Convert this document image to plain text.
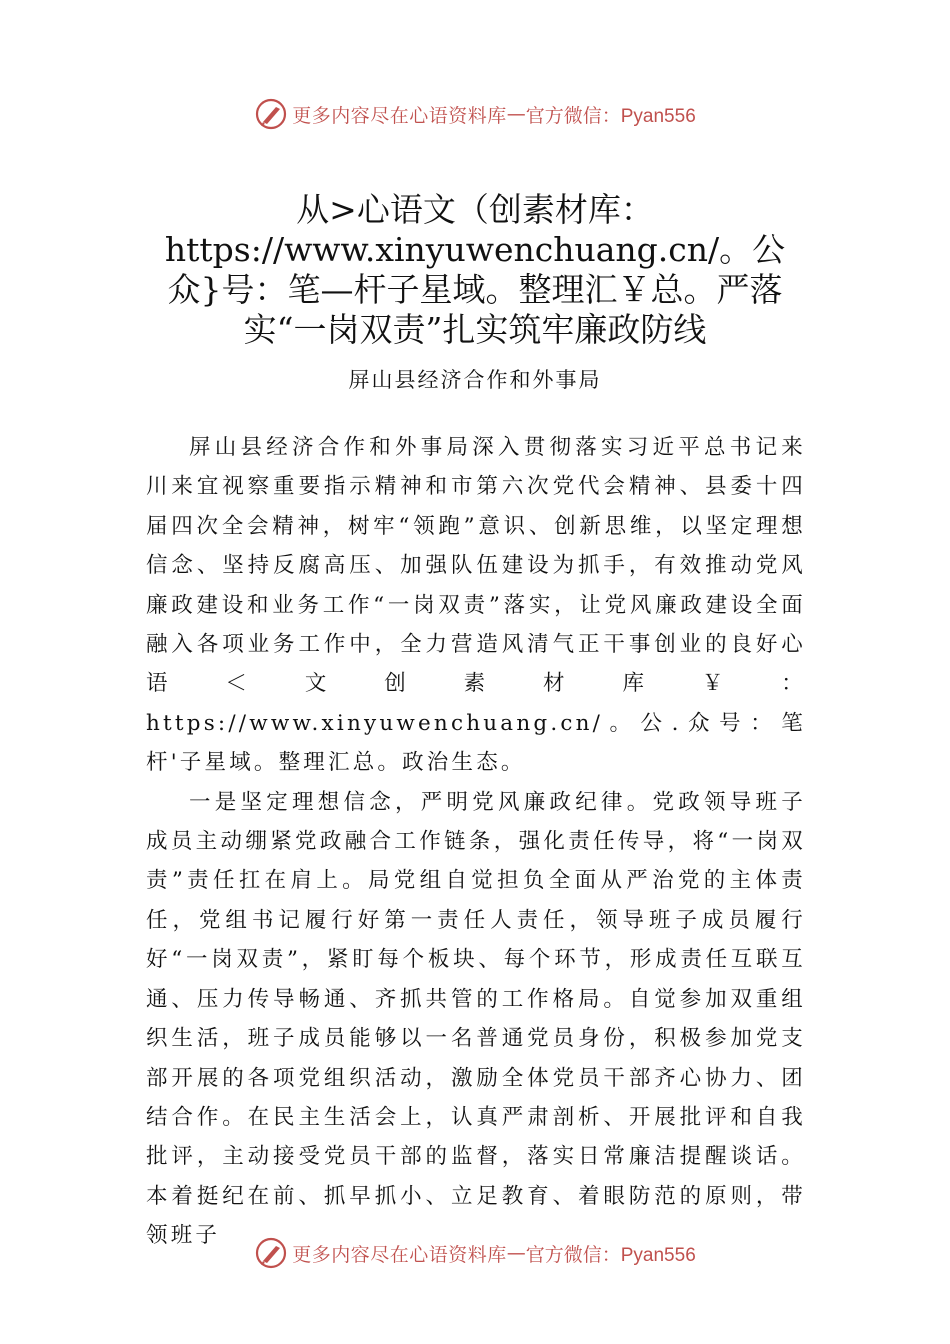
更多内容尽在心语资料库 — 官方微信：Pyan556
从>心语文（创素材库：https://www.xinyuwenchuang.cn/。公众}号：笔—杆子星域。整理汇￥总。严落实“一岗双责”扎实筑牢廉政防线
屏山县经济合作和外事局

屏山县经济合作和外事局深入贯彻落实习近平总书记来川来宜视察重要指示精神和市第六次党代会精神、县委十四届四次全会精神，树牢“领跑”意识、创新思维，以坚定理想信念、坚持反腐高压、加强队伍建设为抓手，有效推动党风廉政建设和业务工作“一岗双责”落实，让党风廉政建设全面融入各项业务工作中，全力营造风清气正干事创业的良好心语＜文创素材库￥：https://www.xinyuwenchuang.cn/。公.众号：笔杆'子星域。整理汇总。政治生态。

一是坚定理想信念，严明党风廉政纪律。党政领导班子成员主动绷紧党政融合工作链条，强化责任传导，将“一岗双责”责任扛在肩上。局党组自觉担负全面从严治党的主体责任，党组书记履行好第一责任人责任，领导班子成员履行好“一岗双责”，紧盯每个板块、每个环节，形成责任互联互通、压力传导畅通、齐抓共管的工作格局。自觉参加双重组织生活，班子成员能够以一名普通党员身份，积极参加党支部开展的各项党组织活动，激励全体党员干部齐心协力、团结合作。在民主生活会上，认真严肃剖析、开展批评和自我批评，主动接受党员干部的监督，落实日常廉洁提醒谈话。 本着挺纪在前、抓早抓小、立足教育、着眼防范的原则，带领班子

更多内容尽在心语资料库 — 官方微信：Pyan556
